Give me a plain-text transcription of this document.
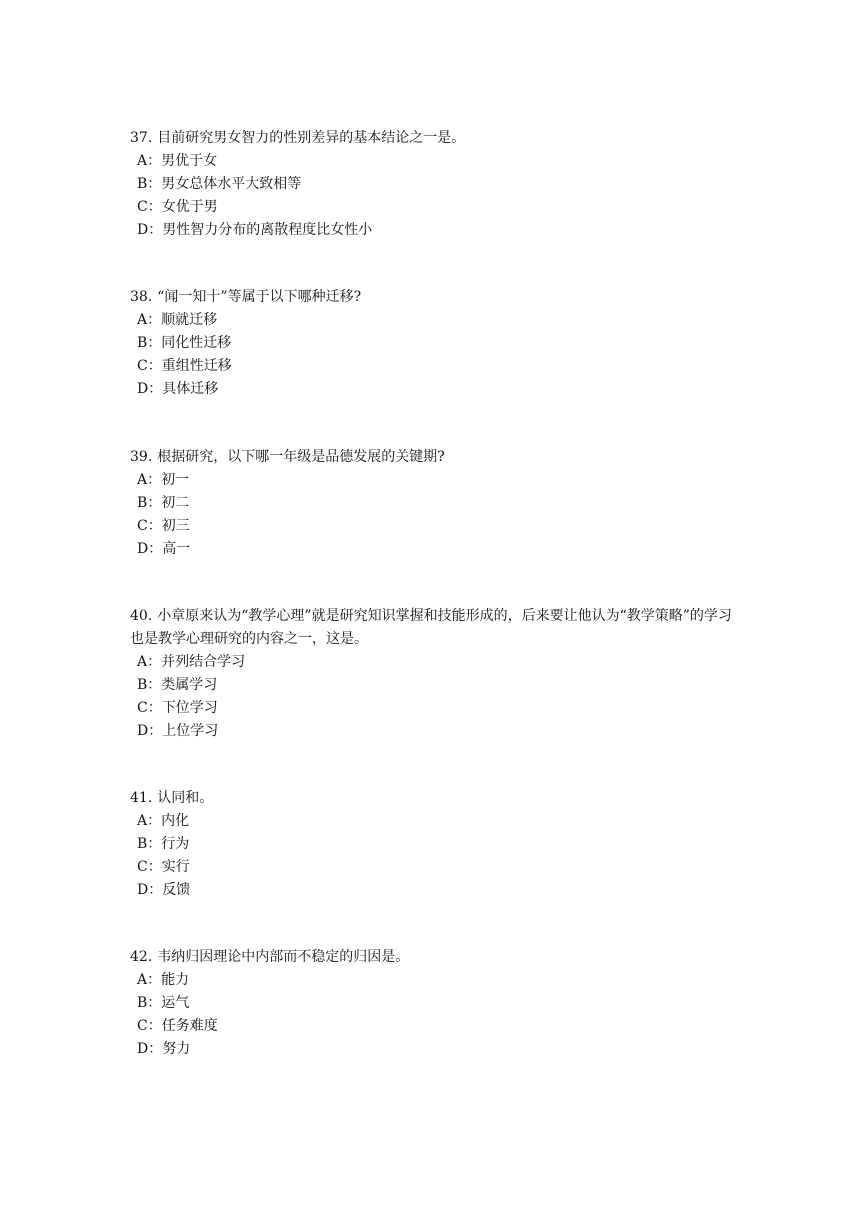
37. 目前研究男女智力的性别差异的基本结论之一是。

A：男优于女
B：男女总体水平大致相等
C：女优于男
D：男性智力分布的离散程度比女性小

38. “闻一知十”等属于以下哪种迁移?

A：顺就迁移
B：同化性迁移
C：重组性迁移
D：具体迁移

39. 根据研究，以下哪一年级是品德发展的关键期?

A：初一
B：初二
C：初三
D：高一

40. 小章原来认为“教学心理”就是研究知识掌握和技能形成的，后来要让他认为“教学策略”的学习也是教学心理研究的内容之一，这是。

A：并列结合学习
B：类属学习
C：下位学习
D：上位学习

41. 认同和。

A：内化
B：行为
C：实行
D：反馈

42. 韦纳归因理论中内部而不稳定的归因是。

A：能力
B：运气
C：任务难度
D：努力
